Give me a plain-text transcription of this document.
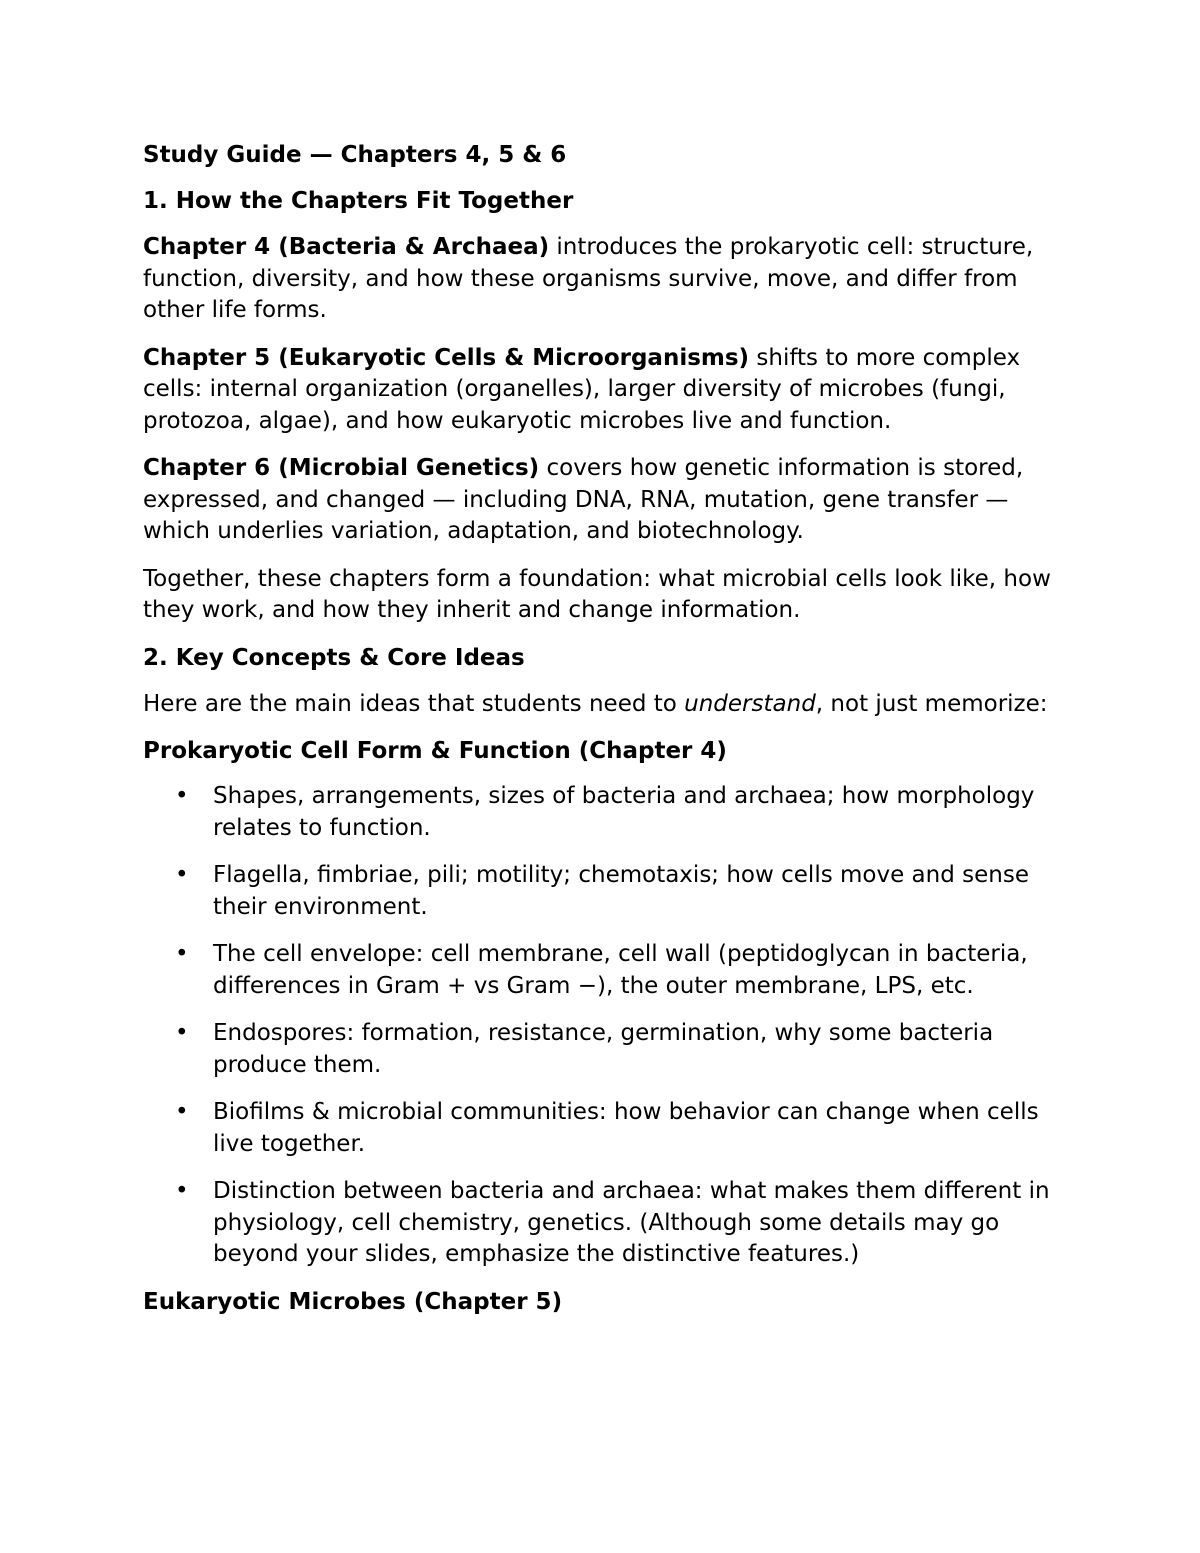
Study Guide — Chapters 4, 5 & 6
1. How the Chapters Fit Together

Chapter 4 (Bacteria & Archaea) introduces the prokaryotic cell: structure, function, diversity, and how these organisms survive, move, and differ from other life forms.

Chapter 5 (Eukaryotic Cells & Microorganisms) shifts to more complex cells: internal organization (organelles), larger diversity of microbes (fungi, protozoa, algae), and how eukaryotic microbes live and function.

Chapter 6 (Microbial Genetics) covers how genetic information is stored, expressed, and changed — including DNA, RNA, mutation, gene transfer — which underlies variation, adaptation, and biotechnology.

Together, these chapters form a foundation: what microbial cells look like, how they work, and how they inherit and change information.

2. Key Concepts & Core Ideas

Here are the main ideas that students need to understand, not just memorize:

Prokaryotic Cell Form & Function (Chapter 4)
• Shapes, arrangements, sizes of bacteria and archaea; how morphology relates to function.
• Flagella, fimbriae, pili; motility; chemotaxis; how cells move and sense their environment.
• The cell envelope: cell membrane, cell wall (peptidoglycan in bacteria, differences in Gram + vs Gram −), the outer membrane, LPS, etc.
• Endospores: formation, resistance, germination, why some bacteria produce them.
• Biofilms & microbial communities: how behavior can change when cells live together.
• Distinction between bacteria and archaea: what makes them different in physiology, cell chemistry, genetics. (Although some details may go beyond your slides, emphasize the distinctive features.)
Eukaryotic Microbes (Chapter 5)
